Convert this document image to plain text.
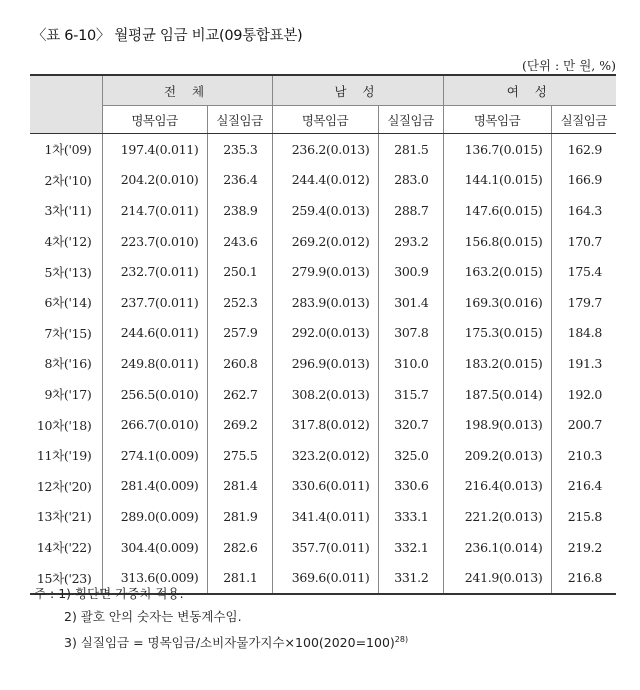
〈표 6-10〉 월평균 임금 비교(09통합표본)
(단위 : 만 원, %)
	전 체		남 성		여 성	
	명목임금	실질임금	명목임금	실질임금	명목임금	실질임금
1차('09)	197.4(0.011)	235.3	236.2(0.013)	281.5	136.7(0.015)	162.9
2차('10)	204.2(0.010)	236.4	244.4(0.012)	283.0	144.1(0.015)	166.9
3차('11)	214.7(0.011)	238.9	259.4(0.013)	288.7	147.6(0.015)	164.3
4차('12)	223.7(0.010)	243.6	269.2(0.012)	293.2	156.8(0.015)	170.7
5차('13)	232.7(0.011)	250.1	279.9(0.013)	300.9	163.2(0.015)	175.4
6차('14)	237.7(0.011)	252.3	283.9(0.013)	301.4	169.3(0.016)	179.7
7차('15)	244.6(0.011)	257.9	292.0(0.013)	307.8	175.3(0.015)	184.8
8차('16)	249.8(0.011)	260.8	296.9(0.013)	310.0	183.2(0.015)	191.3
9차('17)	256.5(0.010)	262.7	308.2(0.013)	315.7	187.5(0.014)	192.0
10차('18)	266.7(0.010)	269.2	317.8(0.012)	320.7	198.9(0.013)	200.7
11차('19)	274.1(0.009)	275.5	323.2(0.012)	325.0	209.2(0.013)	210.3
12차('20)	281.4(0.009)	281.4	330.6(0.011)	330.6	216.4(0.013)	216.4
13차('21)	289.0(0.009)	281.9	341.4(0.011)	333.1	221.2(0.013)	215.8
14차('22)	304.4(0.009)	282.6	357.7(0.011)	332.1	236.1(0.014)	219.2
15차('23)	313.6(0.009)	281.1	369.6(0.011)	331.2	241.9(0.013)	216.8
주 : 1) 횡단면 가중치 적용.
2) 괄호 안의 숫자는 변동계수임.
3) 실질임금 = 명목임금/소비자물가지수×100(2020=100)$^{28)}$
